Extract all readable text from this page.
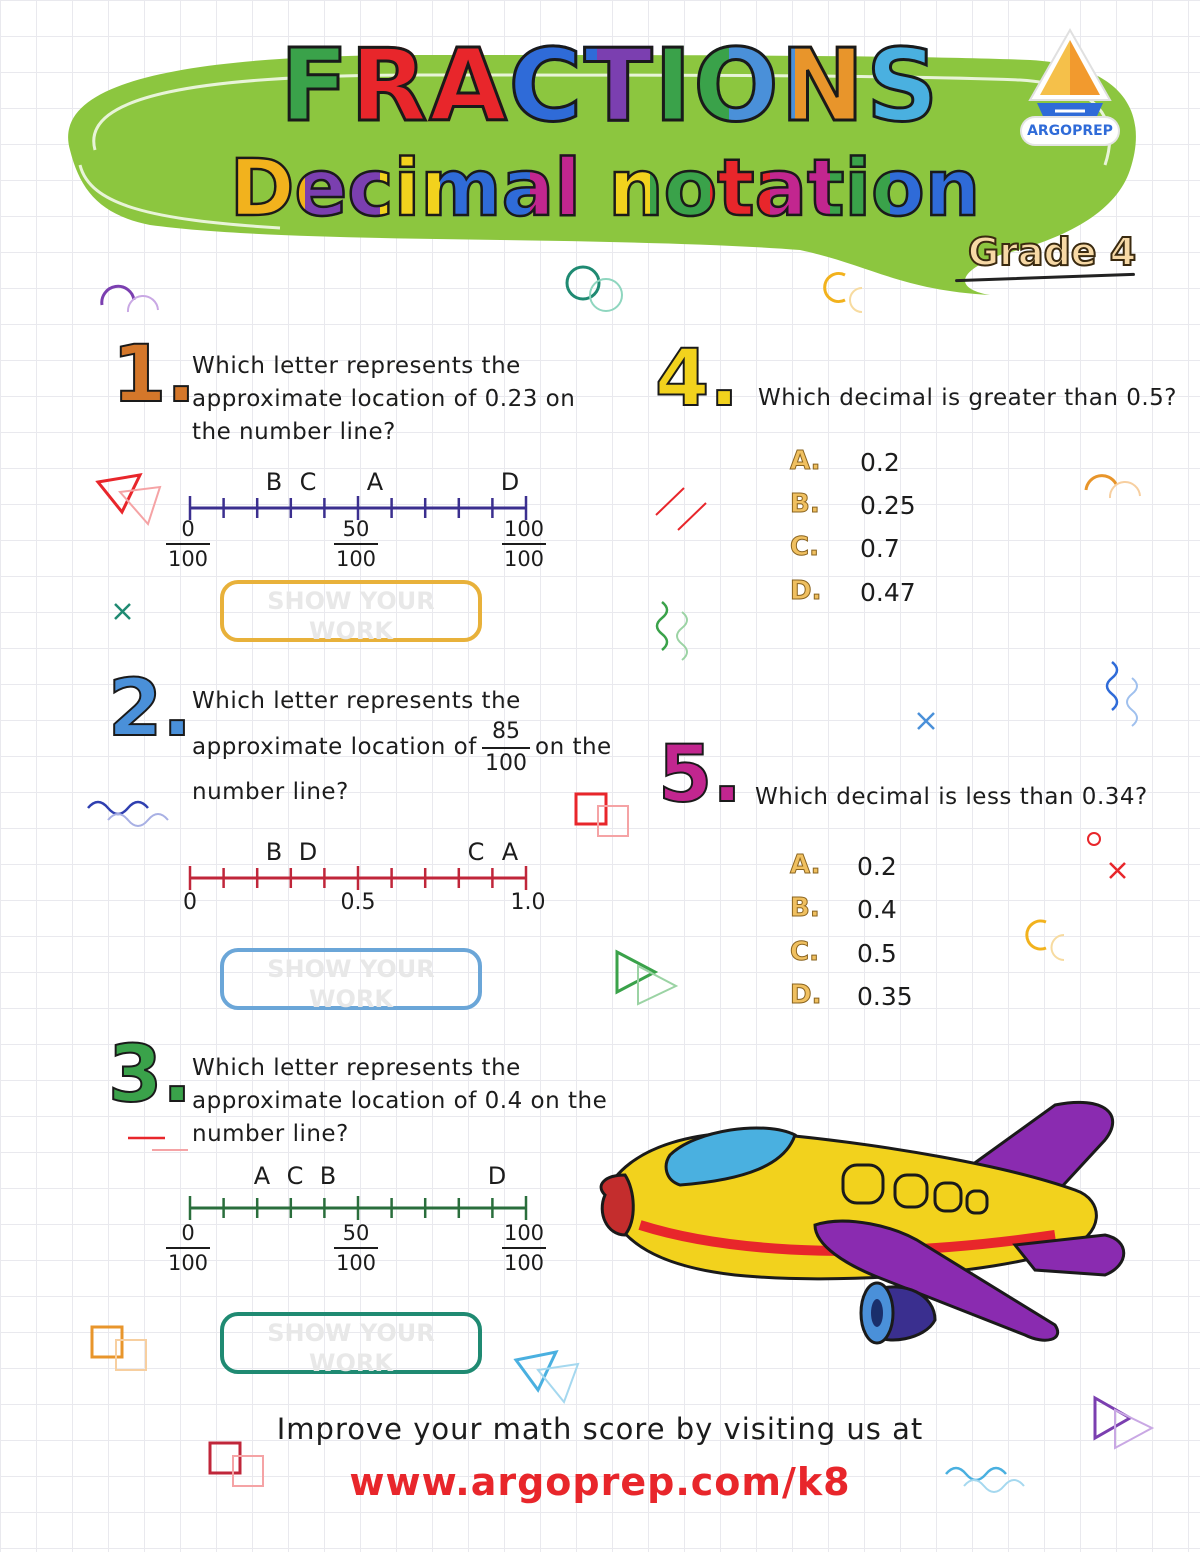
FRACTIONS
Decimal notation
Grade 4
ARGOPREP
1.
Which letter represents the
approximate location of 0.23 on
the number line?
B C A	D
0
100
50
100
100
100
SHOW YOUR WORK
2. Which letter represents the
approximate location of
85
100
on the
number line?
B D	C A
0	0.5	1.0
SHOW YOUR WORK
3. Which letter represents the
approximate location of 0.4 on the
number line?
A C B	D
0
100
50
100
100
100
SHOW YOUR WORK
4. Which decimal is greater than 0.5?
A. 0.2
B. 0.25
C. 0.7
D. 0.47
5. Which decimal is less than 0.34?
A. 0.2
B. 0.4
C. 0.5
D. 0.35
Improve your math score by visiting us at
www.argoprep.com/k8
